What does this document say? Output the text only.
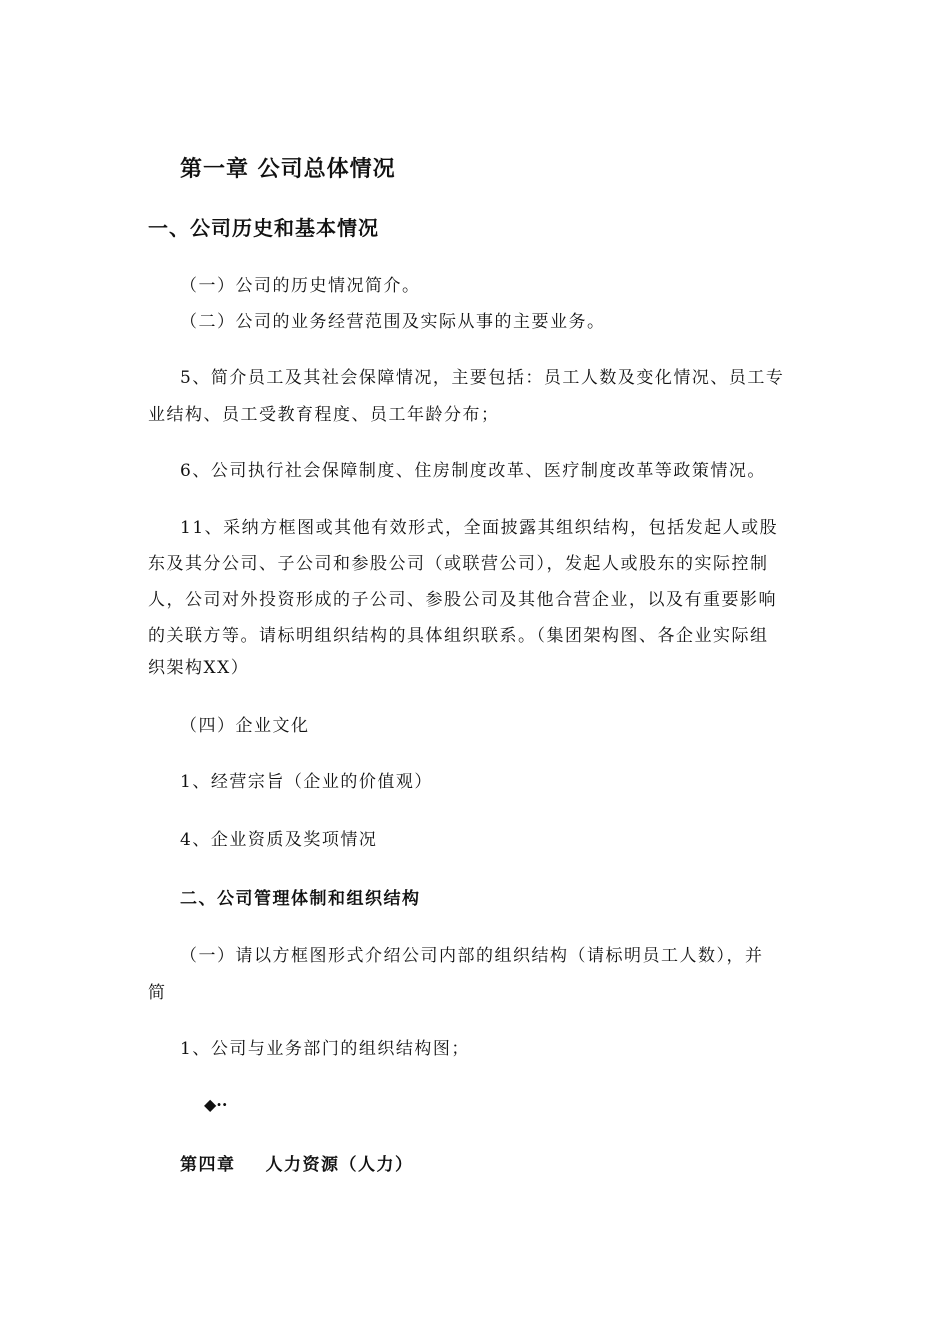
第一章 公司总体情况
一、公司历史和基本情况
（一）公司的历史情况简介。
（二）公司的业务经营范围及实际从事的主要业务。
5、简介员工及其社会保障情况，主要包括：员工人数及变化情况、员工专
业结构、员工受教育程度、员工年龄分布；
6、公司执行社会保障制度、住房制度改革、医疗制度改革等政策情况。
11、采纳方框图或其他有效形式，全面披露其组织结构，包括发起人或股
东及其分公司、子公司和参股公司（或联营公司），发起人或股东的实际控制
人，公司对外投资形成的子公司、参股公司及其他合营企业，以及有重要影响
的关联方等。请标明组织结构的具体组织联系。（集团架构图、各企业实际组
织架构XX）
（四）企业文化
1、经营宗旨（企业的价值观）
4、企业资质及奖项情况
二、公司管理体制和组织结构
（一）请以方框图形式介绍公司内部的组织结构（请标明员工人数），并
简
1、公司与业务部门的组织结构图；
◆··
第四章 人力资源（人力）
